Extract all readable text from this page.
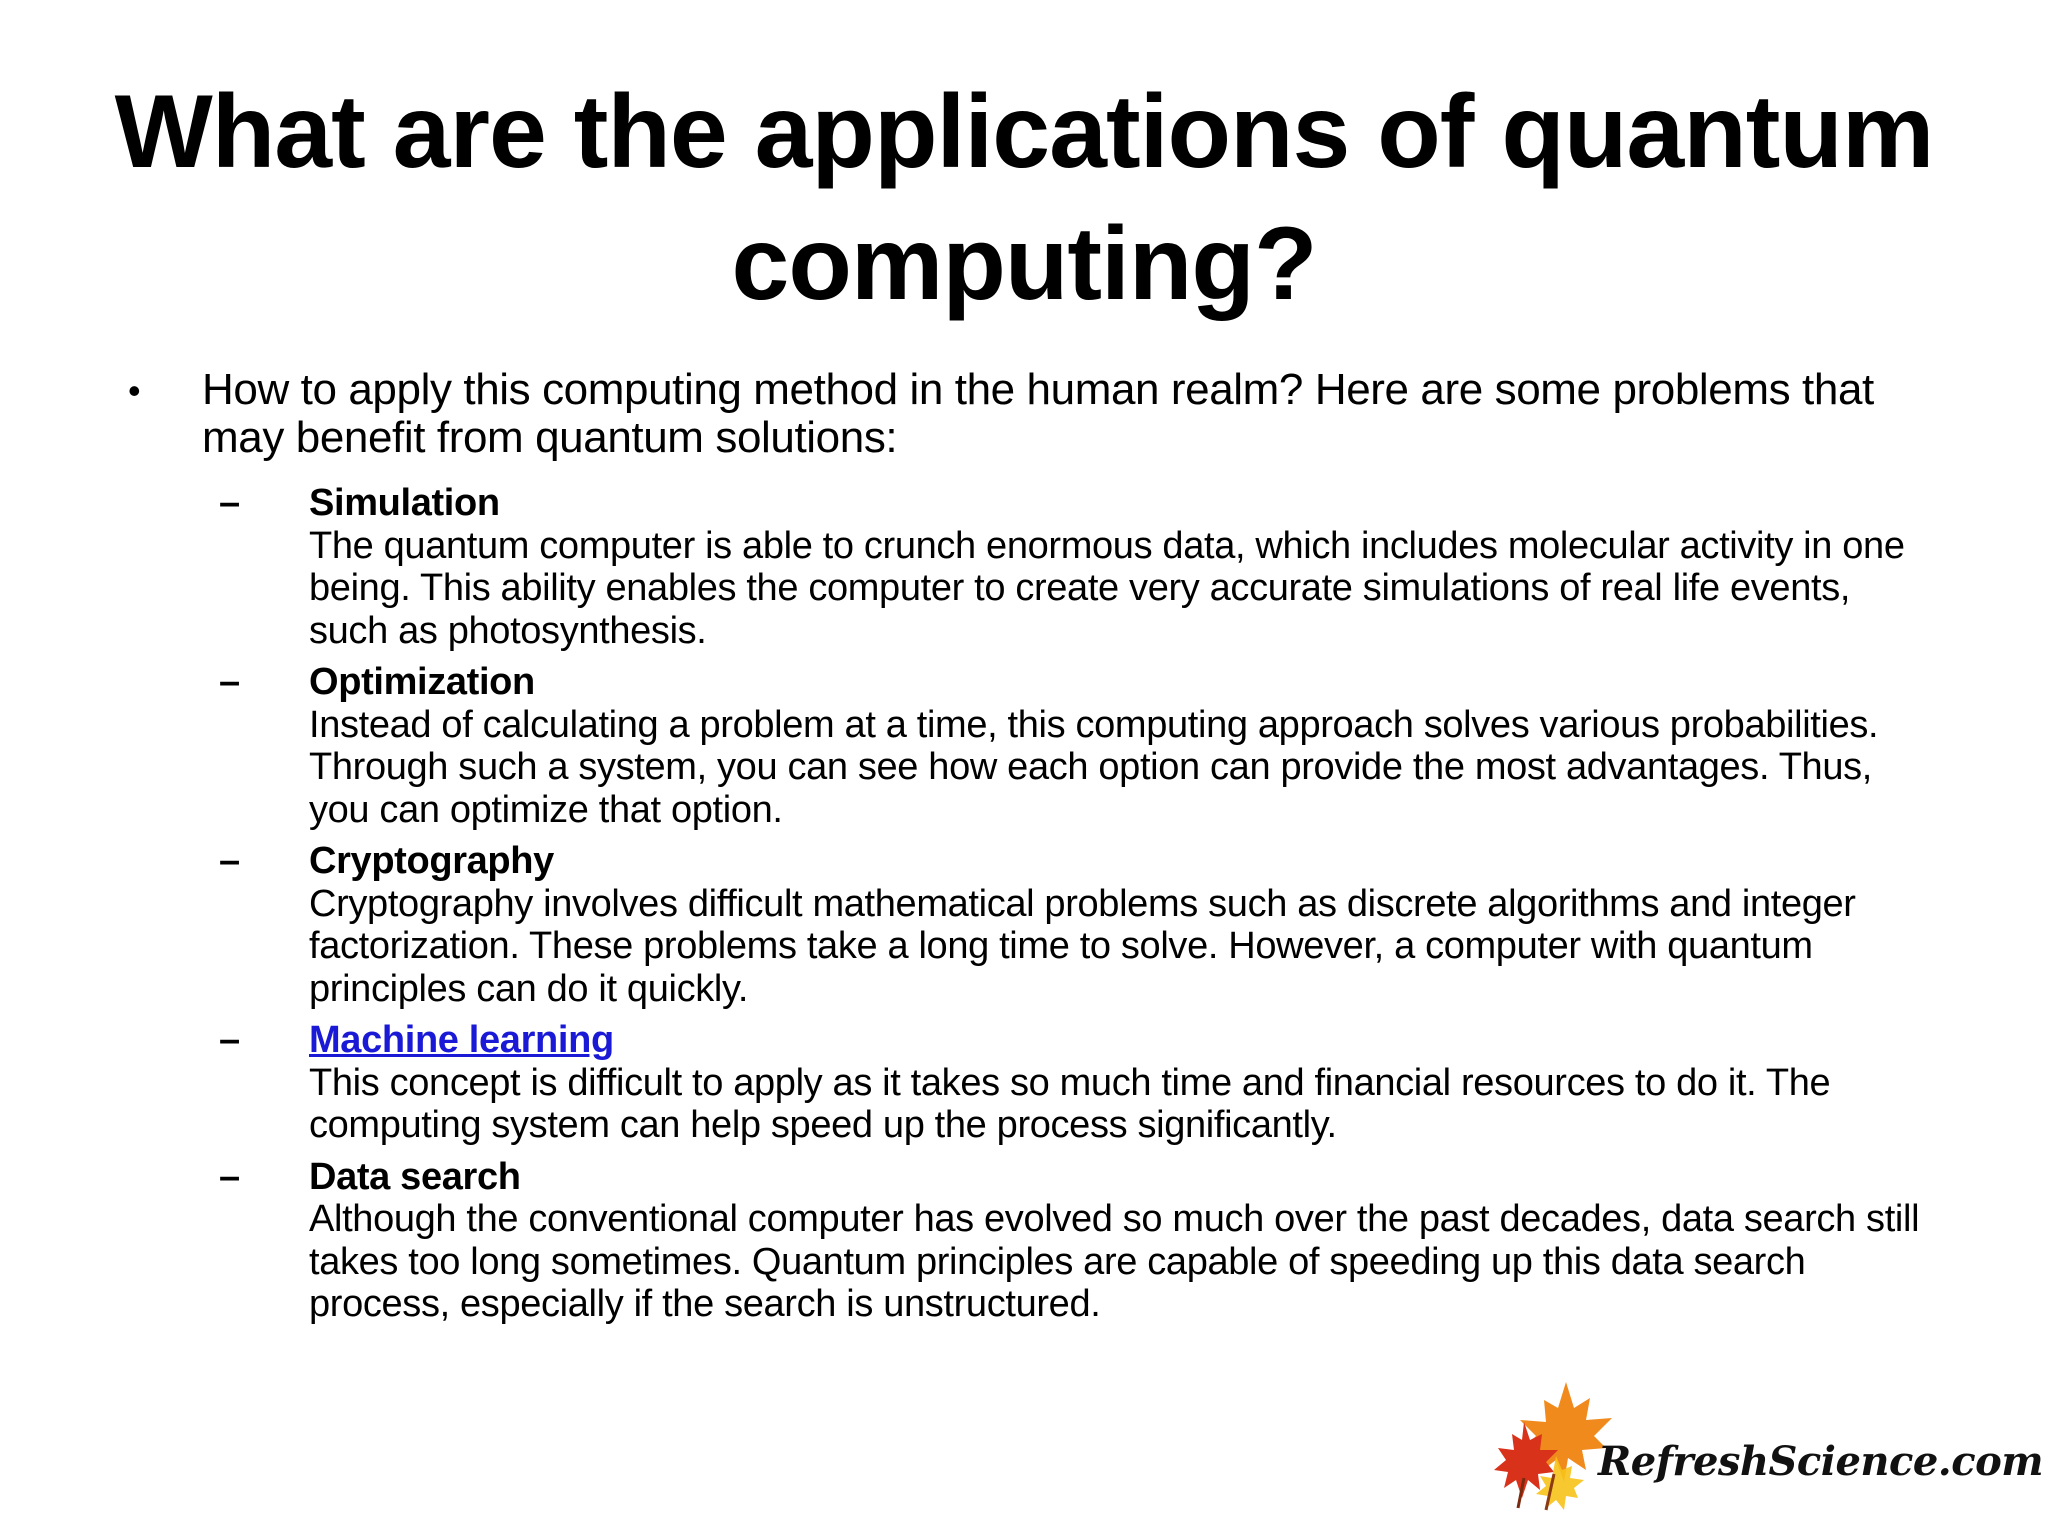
What are the applications of quantum computing?
•	How to apply this computing method in the human realm? Here are some problems that may benefit from quantum solutions:
–	Simulation
The quantum computer is able to crunch enormous data, which includes molecular activity in one being. This ability enables the computer to create very accurate simulations of real life events, such as photosynthesis.
–	Optimization
Instead of calculating a problem at a time, this computing approach solves various probabilities. Through such a system, you can see how each option can provide the most advantages. Thus, you can optimize that option.
–	Cryptography
Cryptography involves difficult mathematical problems such as discrete algorithms and integer factorization. These problems take a long time to solve. However, a computer with quantum principles can do it quickly.
–	Machine learning
This concept is difficult to apply as it takes so much time and financial resources to do it. The computing system can help speed up the process significantly.
–	Data search
Although the conventional computer has evolved so much over the past decades, data search still takes too long sometimes. Quantum principles are capable of speeding up this data search process, especially if the search is unstructured.
RefreshScience.com
